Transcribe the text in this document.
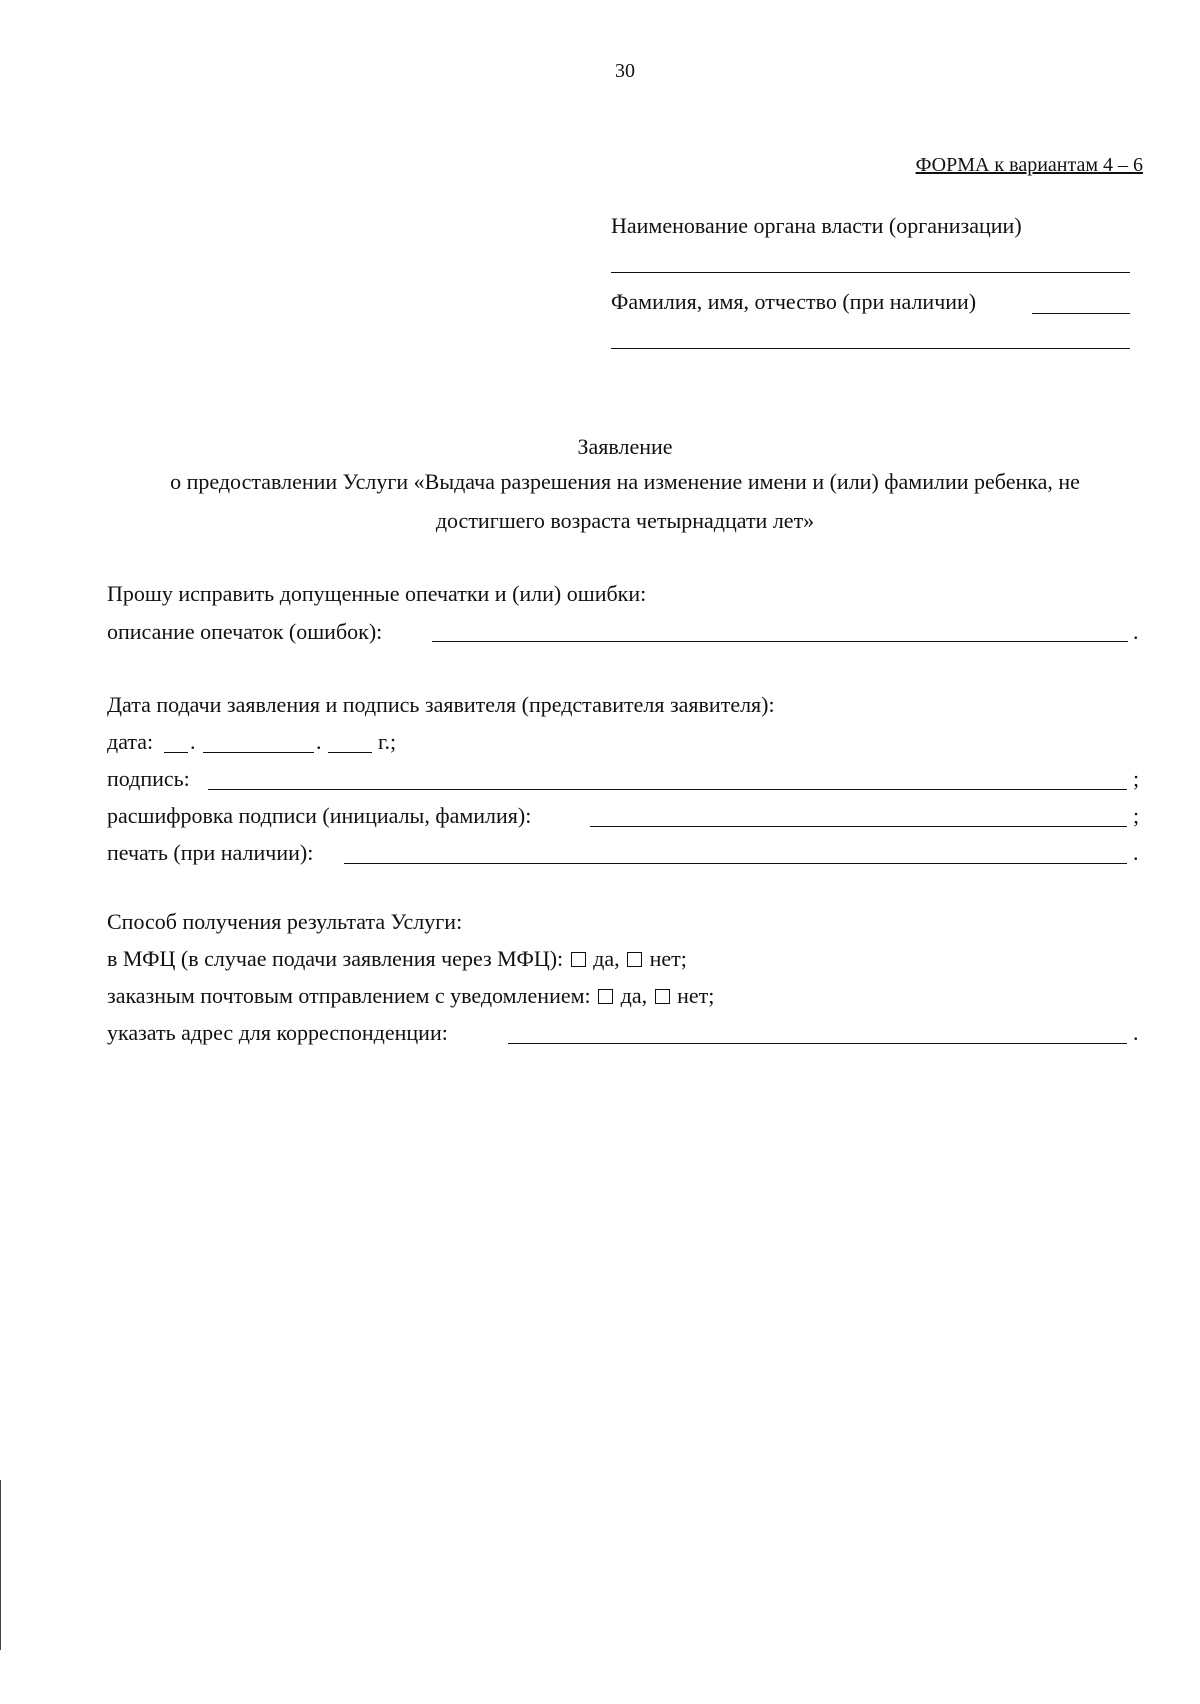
30
ФОРМА к вариантам 4 – 6
Наименование органа власти (организации)
Фамилия, имя, отчество (при наличии)
Заявление
о предоставлении Услуги «Выдача разрешения на изменение имени и (или) фамилии ребенка, не
достигшего возраста четырнадцати лет»
Прошу исправить допущенные опечатки и (или) ошибки:
описание опечаток (ошибок):	.
Дата подачи заявления и подпись заявителя (представителя заявителя):
дата: .	.	г.;
подпись:	;
расшифровка подписи (инициалы, фамилия):	;
печать (при наличии):	.
Способ получения результата Услуги:
в МФЦ (в случае подачи заявления через МФЦ): да, нет;
заказным почтовым отправлением с уведомлением: да, нет;
указать адрес для корреспонденции:	.
